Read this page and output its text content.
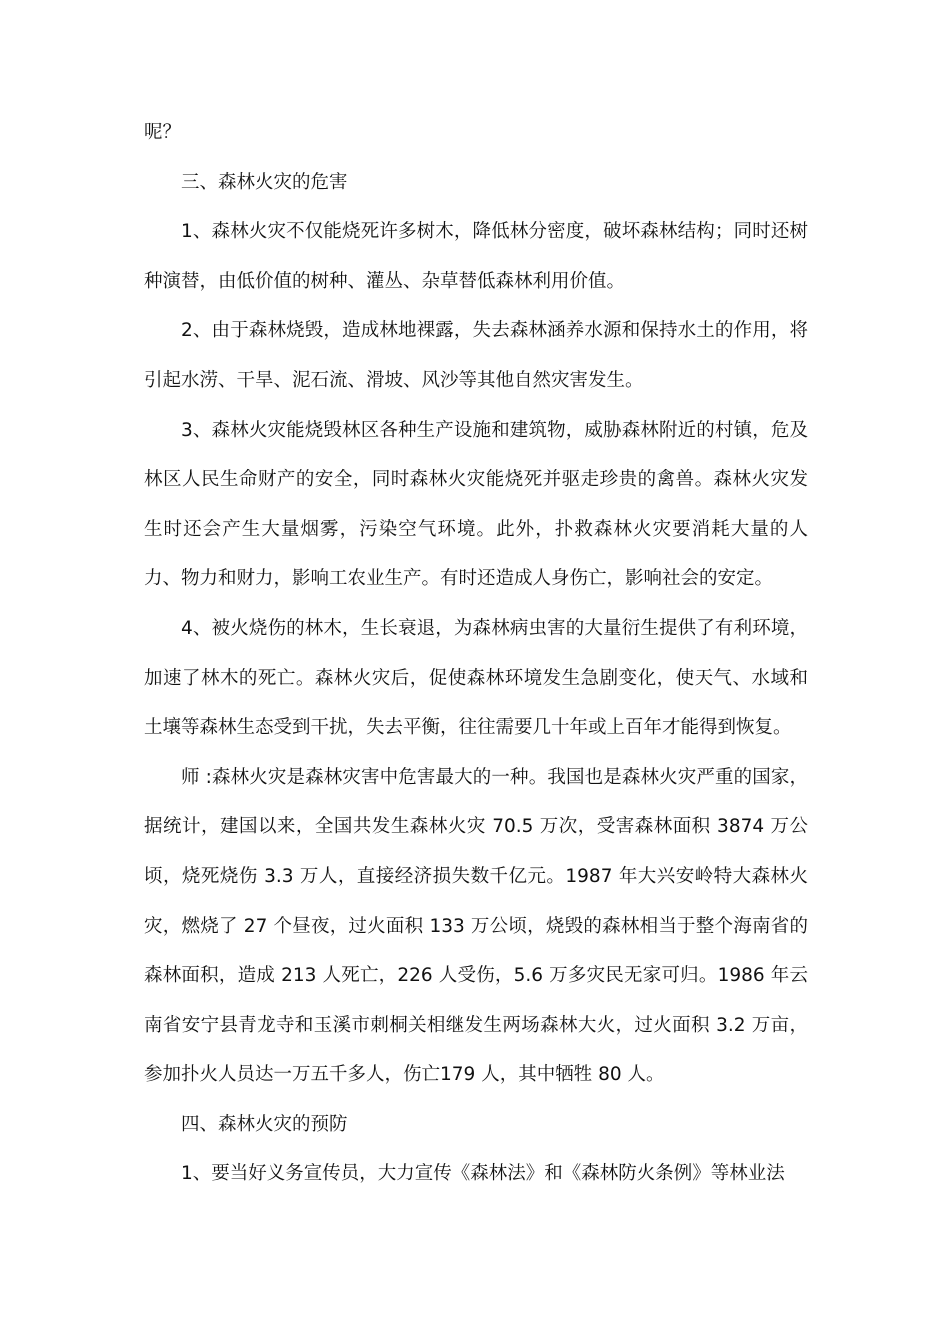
呢？

三、森林火灾的危害

1、森林火灾不仅能烧死许多树木，降低林分密度，破坏森林结构；同时还树种演替，由低价值的树种、灌丛、杂草替低森林利用价值。

2、由于森林烧毁，造成林地裸露，失去森林涵养水源和保持水土的作用，将引起水涝、干旱、泥石流、滑坡、风沙等其他自然灾害发生。

3、森林火灾能烧毁林区各种生产设施和建筑物，威胁森林附近的村镇，危及林区人民生命财产的安全，同时森林火灾能烧死并驱走珍贵的禽兽。森林火灾发生时还会产生大量烟雾，污染空气环境。此外，扑救森林火灾要消耗大量的人力、物力和财力，影响工农业生产。有时还造成人身伤亡，影响社会的安定。

4、被火烧伤的林木，生长衰退，为森林病虫害的大量衍生提供了有利环境，加速了林木的死亡。森林火灾后，促使森林环境发生急剧变化，使天气、水域和土壤等森林生态受到干扰，失去平衡，往往需要几十年或上百年才能得到恢复。

师 :森林火灾是森林灾害中危害最大的一种。我国也是森林火灾严重的国家，据统计，建国以来，全国共发生森林火灾 70.5 万次，受害森林面积 3874 万公顷，烧死烧伤 3.3 万人，直接经济损失数千亿元。1987 年大兴安岭特大森林火灾，燃烧了 27 个昼夜，过火面积 133 万公顷，烧毁的森林相当于整个海南省的森林面积，造成 213 人死亡，226 人受伤，5.6 万多灾民无家可归。1986 年云南省安宁县青龙寺和玉溪市刺桐关相继发生两场森林大火，过火面积 3.2 万亩，参加扑火人员达一万五千多人，伤亡179 人，其中牺牲 80 人。

四、森林火灾的预防

1、要当好义务宣传员，大力宣传《森林法》和《森林防火条例》等林业法
